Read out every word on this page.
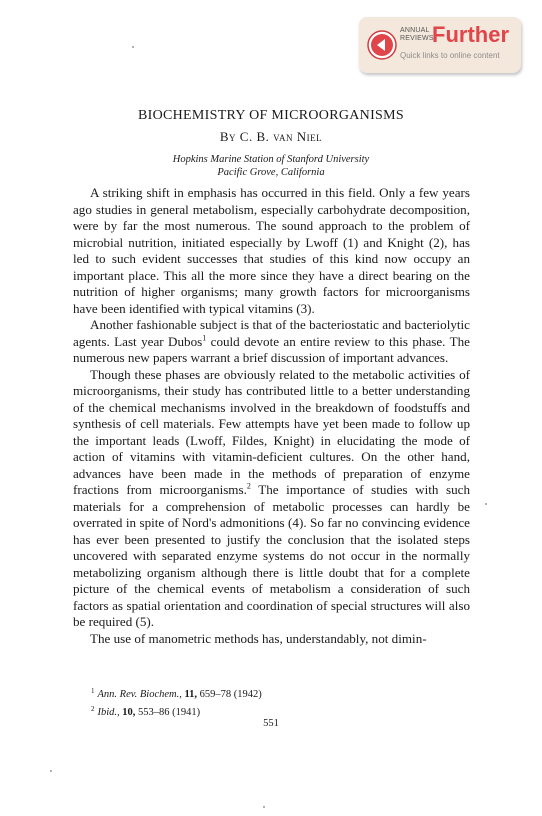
ANNUAL
REVIEWS
Further
Quick links to online content
BIOCHEMISTRY OF MICROORGANISMS
By C. B. van Niel
Hopkins Marine Station of Stanford University
Pacific Grove, California

A striking shift in emphasis has occurred in this field. Only a few years ago studies in general metabolism, especially carbohydrate decomposition, were by far the most numerous. The sound approach to the problem of microbial nutrition, initiated especially by Lwoff (1) and Knight (2), has led to such evident successes that studies of this kind now occupy an important place. This all the more since they have a direct bearing on the nutrition of higher organisms; many growth factors for microorganisms have been identified with typical vitamins (3).

Another fashionable subject is that of the bacteriostatic and bacteriolytic agents. Last year Dubos$^1$ could devote an entire review to this phase. The numerous new papers warrant a brief discussion of important advances.

Though these phases are obviously related to the metabolic activities of microorganisms, their study has contributed little to a better understanding of the chemical mechanisms involved in the breakdown of foodstuffs and synthesis of cell materials. Few attempts have yet been made to follow up the important leads (Lwoff, Fildes, Knight) in elucidating the mode of action of vitamins with vitamin-deficient cultures. On the other hand, advances have been made in the methods of preparation of enzyme fractions from microorganisms.$^2$ The importance of studies with such materials for a comprehension of metabolic processes can hardly be overrated in spite of Nord's admonitions (4). So far no convincing evidence has ever been presented to justify the conclusion that the isolated steps uncovered with separated enzyme systems do not occur in the normally metabolizing organism although there is little doubt that for a complete picture of the chemical events of metabolism a consideration of such factors as spatial orientation and coordination of special structures will also be required (5).

The use of manometric methods has, understandably, not dimin-

$^1$ Ann. Rev. Biochem., 11, 659–78 (1942)
$^2$ Ibid., 10, 553–86 (1941)
551
